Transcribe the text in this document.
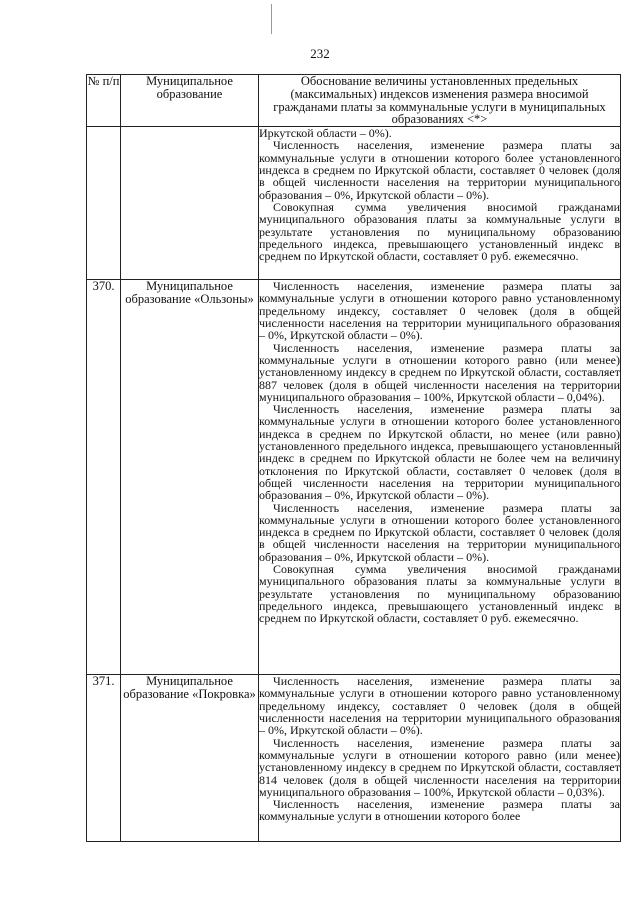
232
№ п/п	Муниципальное образование	Обоснование величины установленных предельных (максимальных) индексов изменения размера вносимой гражданами платы за коммунальные услуги в муниципальных образованиях <*>

		Иркутской области – 0%).

Численность населения, изменение размера платы за коммунальные услуги в отношении которого более установленного индекса в среднем по Иркутской области, составляет 0 человек (доля в общей численности населения на территории муниципального образования – 0%, Иркутской области – 0%).

Совокупная сумма увеличения вносимой гражданами муниципального образования платы за коммунальные услуги в результате установления по муниципальному образованию предельного индекса, превышающего установленный индекс в среднем по Иркутской области, составляет 0 руб. ежемесячно.

370.	Муниципальное образование «Ользоны»	Численность населения, изменение размера платы за коммунальные услуги в отношении которого равно установленному предельному индексу, составляет 0 человек (доля в общей численности населения на территории муниципального образования – 0%, Иркутской области – 0%).

Численность населения, изменение размера платы за коммунальные услуги в отношении которого равно (или менее) установленному индексу в среднем по Иркутской области, составляет 887 человек (доля в общей численности населения на территории муниципального образования – 100%, Иркутской области – 0,04%).

Численность населения, изменение размера платы за коммунальные услуги в отношении которого более установленного индекса в среднем по Иркутской области, но менее (или равно) установленного предельного индекса, превышающего установленный индекс в среднем по Иркутской области не более чем на величину отклонения по Иркутской области, составляет 0 человек (доля в общей численности населения на территории муниципального образования – 0%, Иркутской области – 0%).

Численность населения, изменение размера платы за коммунальные услуги в отношении которого более установленного индекса в среднем по Иркутской области, составляет 0 человек (доля в общей численности населения на территории муниципального образования – 0%, Иркутской области – 0%).

Совокупная сумма увеличения вносимой гражданами муниципального образования платы за коммунальные услуги в результате установления по муниципальному образованию предельного индекса, превышающего установленный индекс в среднем по Иркутской области, составляет 0 руб. ежемесячно.

371.	Муниципальное образование «Покровка»	Численность населения, изменение размера платы за коммунальные услуги в отношении которого равно установленному предельному индексу, составляет 0 человек (доля в общей численности населения на территории муниципального образования – 0%, Иркутской области – 0%).

Численность населения, изменение размера платы за коммунальные услуги в отношении которого равно (или менее) установленному индексу в среднем по Иркутской области, составляет 814 человек (доля в общей численности населения на территории муниципального образования – 100%, Иркутской области – 0,03%).

Численность населения, изменение размера платы за коммунальные услуги в отношении которого более
